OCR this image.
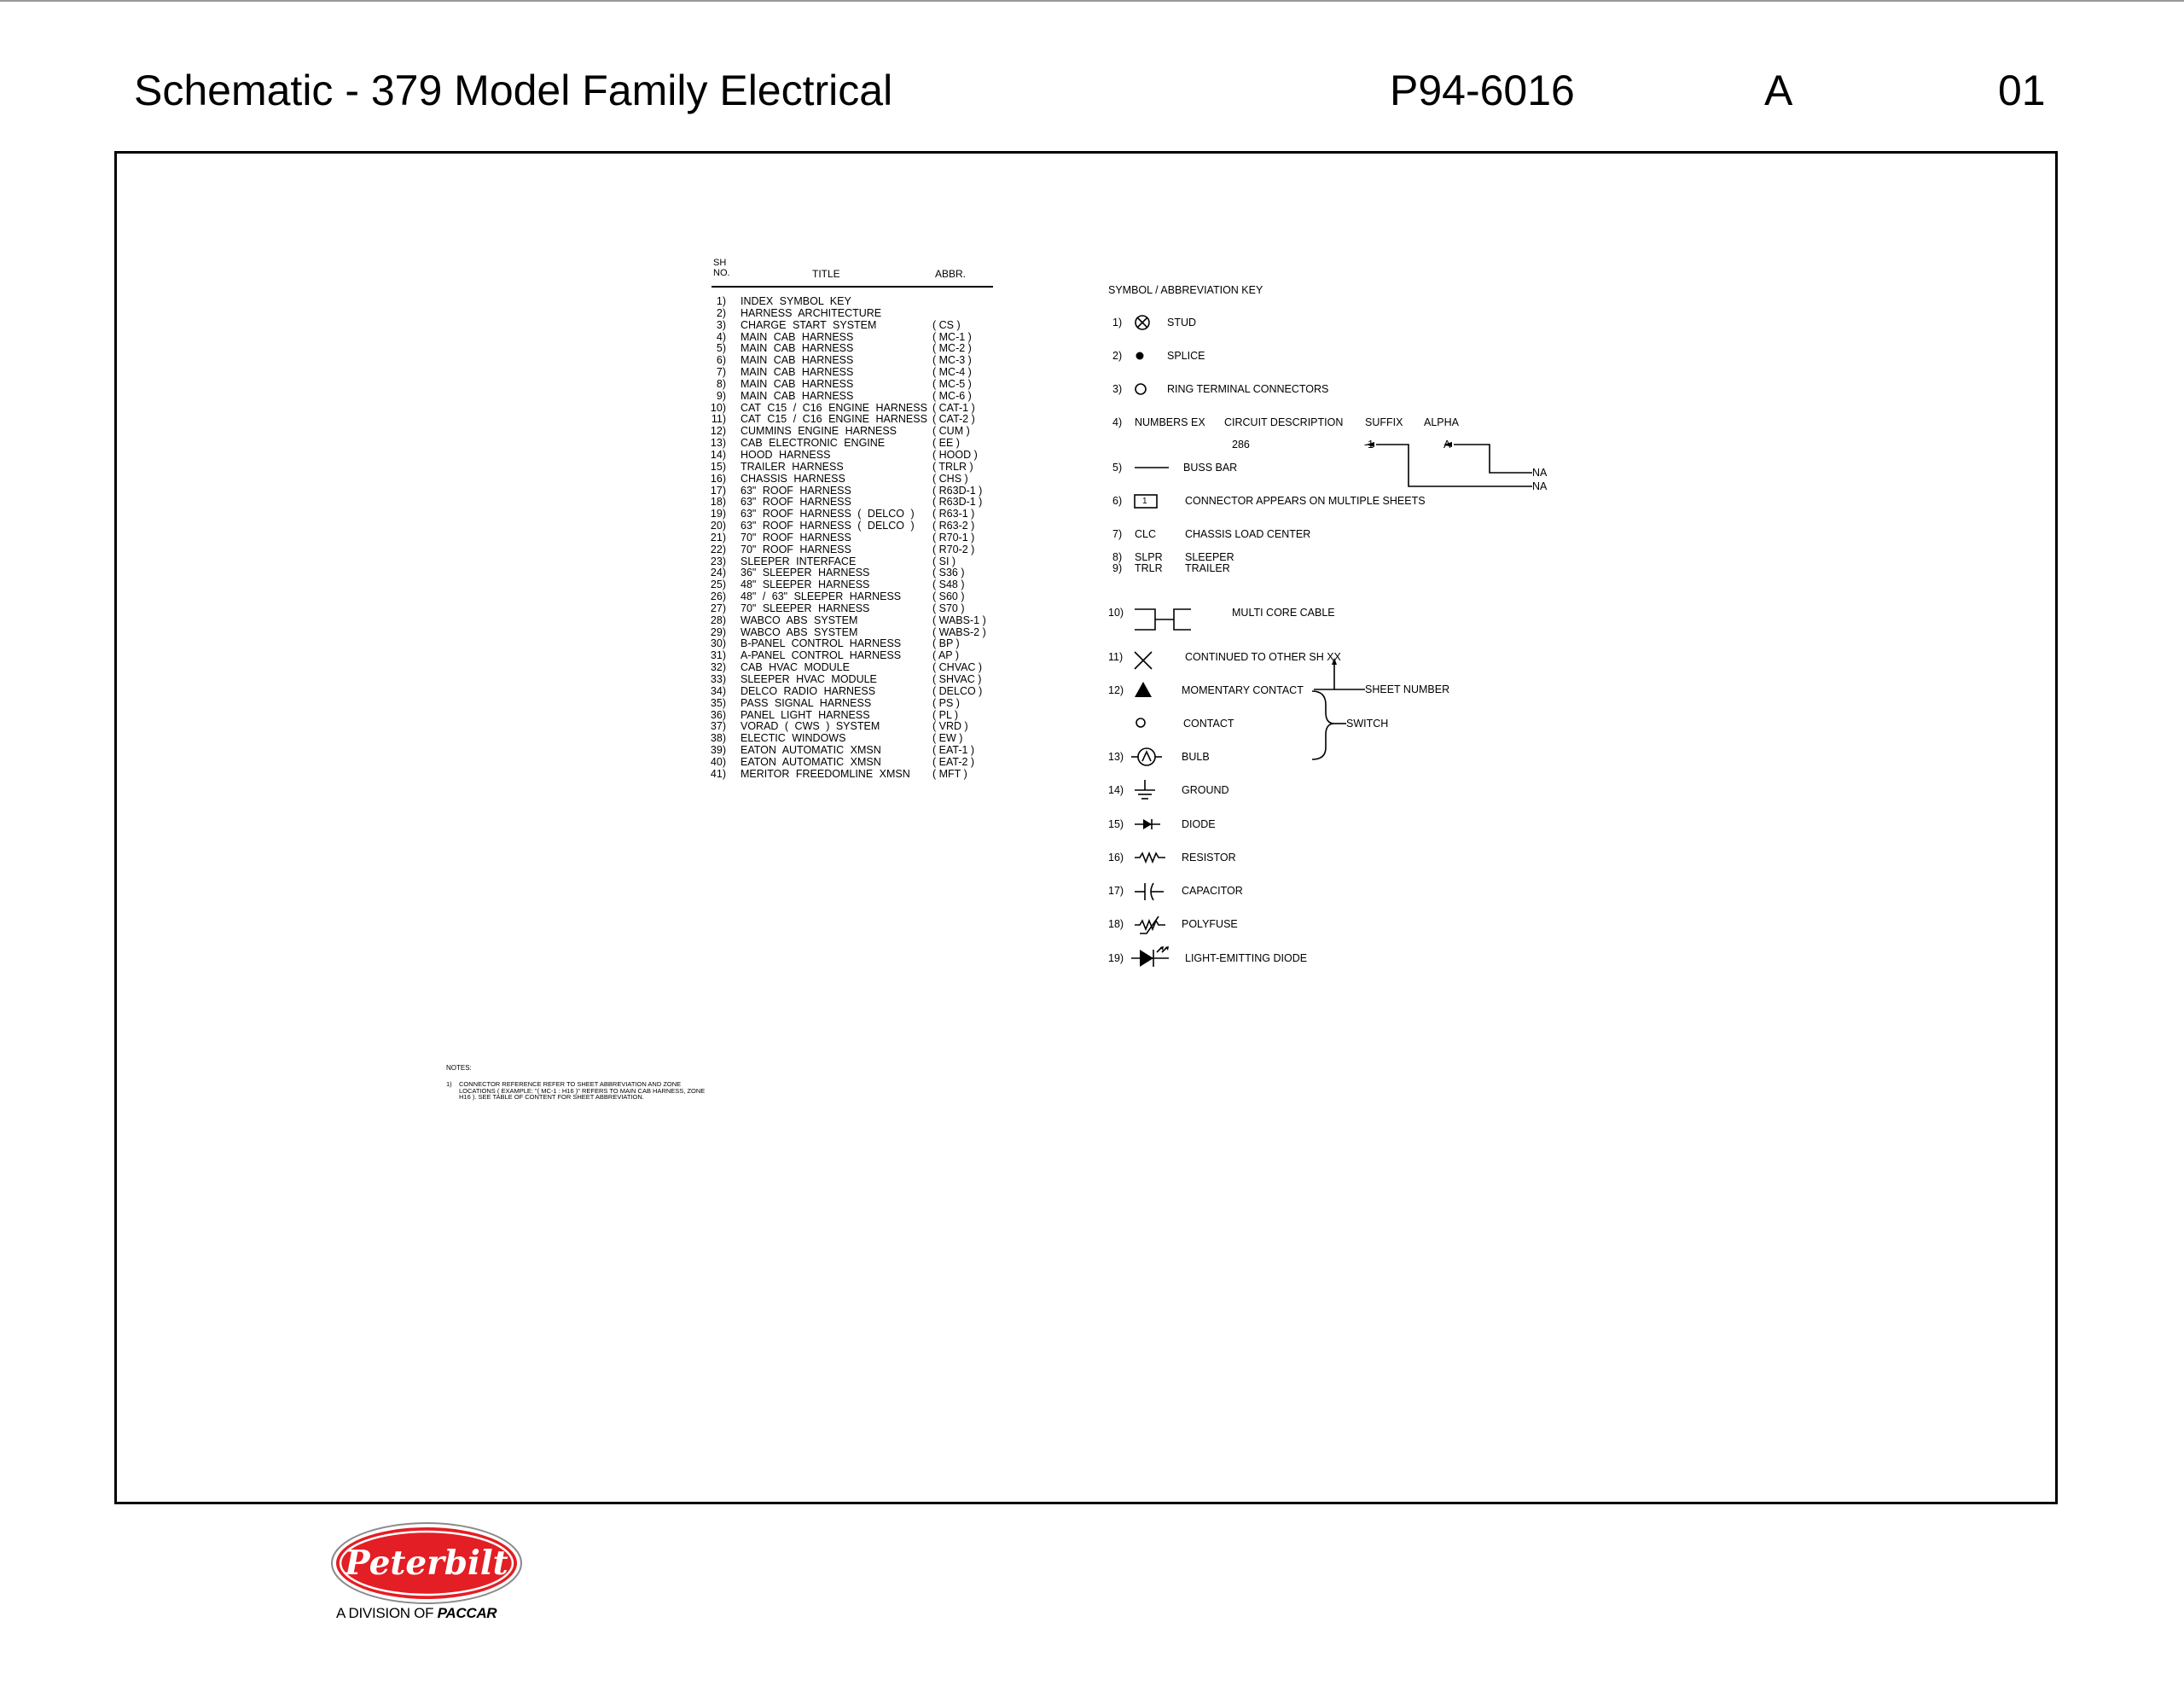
Schematic - 379 Model Family Electrical	P94-6016	A	01
SH
NO.	TITLE	ABBR.
1) INDEX SYMBOL KEY
2) HARNESS ARCHITECTURE
3) CHARGE START SYSTEM	( CS )
4) MAIN CAB HARNESS	( MC-1 )
5) MAIN CAB HARNESS	( MC-2 )
6) MAIN CAB HARNESS	( MC-3 )
7) MAIN CAB HARNESS	( MC-4 )
8) MAIN CAB HARNESS	( MC-5 )
9) MAIN CAB HARNESS	( MC-6 )
10) CAT C15 / C16 ENGINE HARNESS ( CAT-1 )
11) CAT C15 / C16 ENGINE HARNESS ( CAT-2 )
12) CUMMINS ENGINE HARNESS	( CUM )
13) CAB ELECTRONIC ENGINE	( EE )
14) HOOD HARNESS	( HOOD )
15) TRAILER HARNESS	( TRLR )
16) CHASSIS HARNESS	( CHS )
17) 63" ROOF HARNESS	( R63D-1 )
18) 63" ROOF HARNESS	( R63D-1 )
19) 63" ROOF HARNESS ( DELCO ) ( R63-1 )
20) 63" ROOF HARNESS ( DELCO ) ( R63-2 )
21) 70" ROOF HARNESS	( R70-1 )
22) 70" ROOF HARNESS	( R70-2 )
23) SLEEPER INTERFACE	( SI )
24) 36" SLEEPER HARNESS	( S36 )
25) 48" SLEEPER HARNESS	( S48 )
26) 48" / 63" SLEEPER HARNESS	( S60 )
27) 70" SLEEPER HARNESS	( S70 )
28) WABCO ABS SYSTEM	( WABS-1 )
29) WABCO ABS SYSTEM	( WABS-2 )
30) B-PANEL CONTROL HARNESS	( BP )
31) A-PANEL CONTROL HARNESS	( AP )
32) CAB HVAC MODULE	( CHVAC )
33) SLEEPER HVAC MODULE	( SHVAC )
34) DELCO RADIO HARNESS	( DELCO )
35) PASS SIGNAL HARNESS	( PS )
36) PANEL LIGHT HARNESS	( PL )
37) VORAD ( CWS ) SYSTEM	( VRD )
38) ELECTIC WINDOWS	( EW )
39) EATON AUTOMATIC XMSN	( EAT-1 )
40) EATON AUTOMATIC XMSN	( EAT-2 )
41) MERITOR FREEDOMLINE XMSN ( MFT )
SYMBOL / ABBREVIATION KEY
1)	STUD
2)	SPLICE
3)	RING TERMINAL CONNECTORS
4) NUMBERS EX CIRCUIT DESCRIPTION SUFFIX ALPHA
286	-1	A
NA
NA
5)	BUSS BAR
6) 1	CONNECTOR APPEARS ON MULTIPLE SHEETS
7) CLC	CHASSIS LOAD CENTER
8) SLPR SLEEPER
9) TRLR TRAILER
10)	MULTI CORE CABLE
11)	CONTINUED TO OTHER SH XX
SHEET NUMBER
12)	MOMENTARY CONTACT
CONTACT	SWITCH
13)	BULB
14)	GROUND
15)	DIODE
16)	RESISTOR
17)	CAPACITOR
18)	POLYFUSE
19)	LIGHT-EMITTING DIODE
NOTES:
1) CONNECTOR REFERENCE REFER TO SHEET ABBREVIATION AND ZONE LOCATIONS ( EXAMPLE: "( MC-1 : H16 )" REFERS TO MAIN CAB HARNESS, ZONE H16 ). SEE TABLE OF CONTENT FOR SHEET ABBREVIATION.
Peterbilt
A DIVISION OF PACCAR
